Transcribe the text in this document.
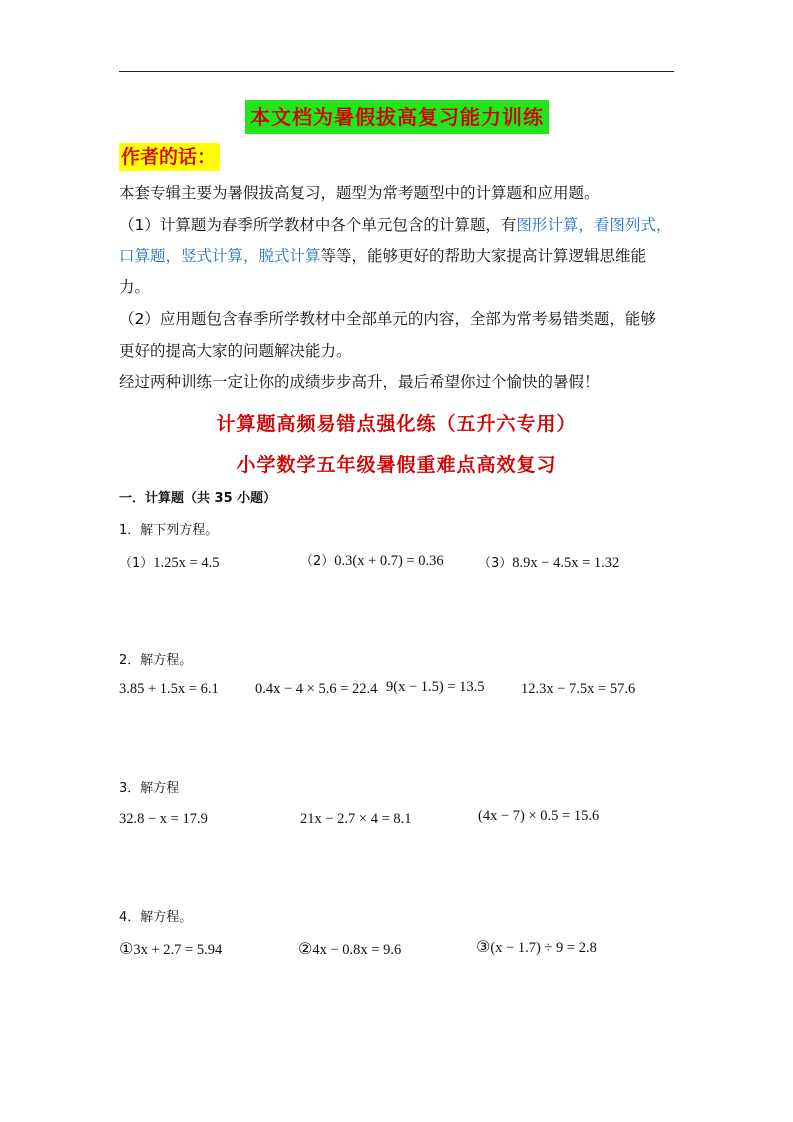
本文档为暑假拔高复习能力训练
作者的话：
本套专辑主要为暑假拔高复习，题型为常考题型中的计算题和应用题。
（1）计算题为春季所学教材中各个单元包含的计算题，有图形计算，看图列式，
口算题，竖式计算，脱式计算等等，能够更好的帮助大家提高计算逻辑思维能
力。
（2）应用题包含春季所学教材中全部单元的内容，全部为常考易错类题，能够
更好的提高大家的问题解决能力。
经过两种训练一定让你的成绩步步高升，最后希望你过个愉快的暑假！
计算题高频易错点强化练（五升六专用）
小学数学五年级暑假重难点高效复习
一．计算题（共 35 小题）
1．解下列方程。
（1）1.25x = 4.5	（2）0.3(x + 0.7) = 0.36	（3）8.9x − 4.5x = 1.32
2．解方程。
3.85 + 1.5x = 6.1	0.4x − 4 × 5.6 = 22.4 9(x − 1.5) = 13.5	12.3x − 7.5x = 57.6
3．解方程
32.8 − x = 17.9	21x − 2.7 × 4 = 8.1	(4x − 7) × 0.5 = 15.6
4．解方程。
①3x + 2.7 = 5.94	②4x − 0.8x = 9.6	③(x − 1.7) ÷ 9 = 2.8
